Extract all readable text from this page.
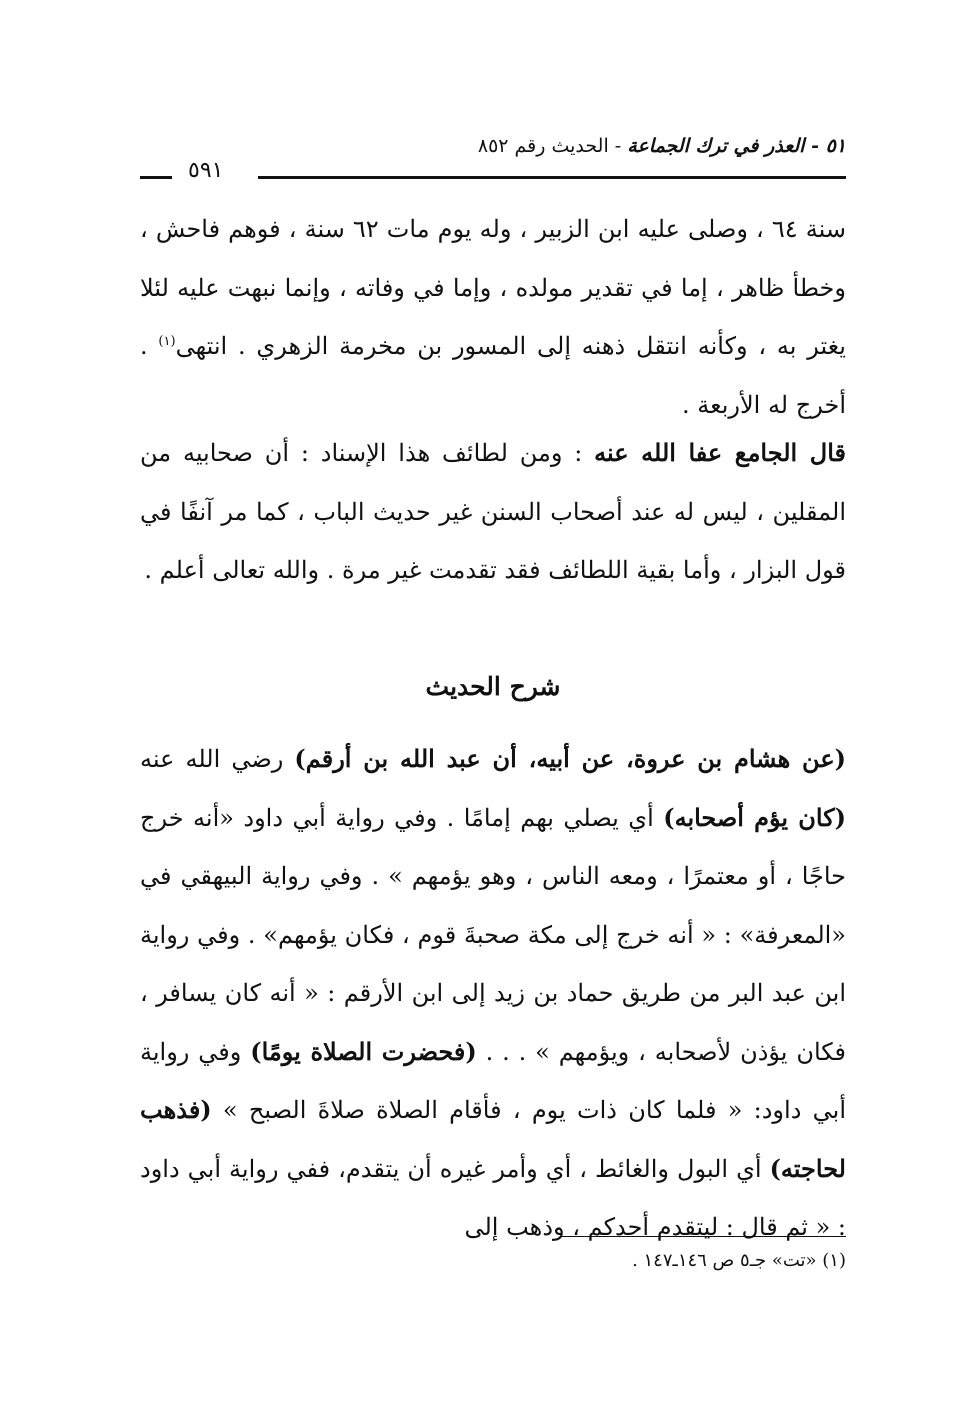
٥١ - العذر في ترك الجماعة - الحديث رقم ٨٥٢
٥٩١

سنة ٦٤ ، وصلى عليه ابن الزبير ، وله يوم مات ٦٢ سنة ، فوهم فاحش ، وخطأ ظاهر ، إما في تقدير مولده ، وإما في وفاته ، وإنما نبهت عليه لئلا يغتر به ، وكأنه انتقل ذهنه إلى المسور بن مخرمة الزهري . انتهى$^{(١)}$ . أخرج له الأربعة .

قال الجامع عفا الله عنه : ومن لطائف هذا الإسناد : أن صحابيه من المقلين ، ليس له عند أصحاب السنن غير حديث الباب ، كما مر آنفًا في قول البزار ، وأما بقية اللطائف فقد تقدمت غير مرة . والله تعالى أعلم .

شرح الحديث

(عن هشام بن عروة، عن أبيه، أن عبد الله بن أرقم) رضي الله عنه (كان يؤم أصحابه) أي يصلي بهم إمامًا . وفي رواية أبي داود «أنه خرج حاجًا ، أو معتمرًا ، ومعه الناس ، وهو يؤمهم » . وفي رواية البيهقي في «المعرفة» : « أنه خرج إلى مكة صحبةَ قوم ، فكان يؤمهم» . وفي رواية ابن عبد البر من طريق حماد بن زيد إلى ابن الأرقم : « أنه كان يسافر ، فكان يؤذن لأصحابه ، ويؤمهم » . . . (فحضرت الصلاة يومًا) وفي رواية أبي داود: « فلما كان ذات يوم ، فأقام الصلاة صلاةَ الصبح » (فذهب لحاجته) أي البول والغائط ، أي وأمر غيره أن يتقدم، ففي رواية أبي داود : « ثم قال : ليتقدم أحدكم ، وذهب إلى

(١) «تت» جـ٥ ص ١٤٦ـ١٤٧ .
